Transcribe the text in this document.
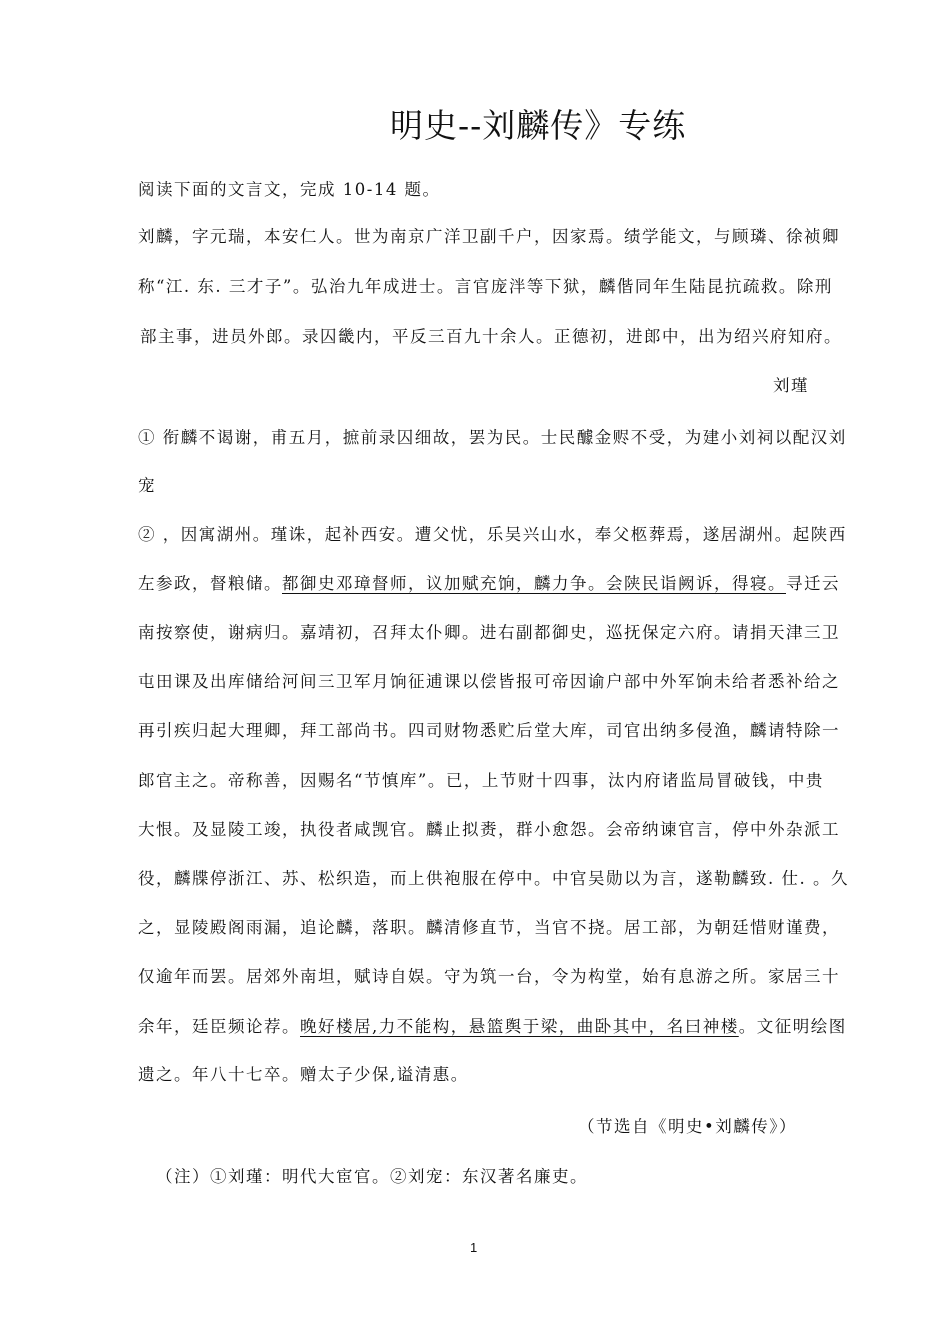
明史--刘麟传》专练
阅读下面的文言文，完成 10-14 题。
刘麟，字元瑞，本安仁人。世为南京广洋卫副千户，因家焉。绩学能文，与顾璘、徐祯卿
称“江. 东. 三才子”。弘治九年成进士。言官庞泮等下狱，麟偕同年生陆昆抗疏救。除刑
部主事，进员外郎。录囚畿内，平反三百九十余人。正德初，进郎中，出为绍兴府知府。
刘瑾
① 衔麟不谒谢，甫五月，摭前录囚细故，罢为民。士民醵金赆不受，为建小刘祠以配汉刘
宠
② ，因寓湖州。瑾诛，起补西安。遭父忧，乐吴兴山水，奉父柩葬焉，遂居湖州。起陕西
左参政，督粮储。都御史邓璋督师，议加赋充饷，麟力争。会陕民诣阙诉，得寝。寻迁云
南按察使，谢病归。嘉靖初，召拜太仆卿。进右副都御史，巡抚保定六府。请捐天津三卫
屯田课及出库储给河间三卫军月饷征逋课以偿皆报可帝因谕户部中外军饷未给者悉补给之
再引疾归起大理卿，拜工部尚书。四司财物悉贮后堂大库，司官出纳多侵渔，麟请特除一
郎官主之。帝称善，因赐名“节慎库”。已，上节财十四事，汰内府诸监局冒破钱，中贵
大恨。及显陵工竣，执役者咸觊官。麟止拟赉，群小愈怨。会帝纳谏官言，停中外杂派工
役，麟牒停浙江、苏、松织造，而上供袍服在停中。中官吴勋以为言，遂勒麟致. 仕. 。久
之，显陵殿阁雨漏，追论麟，落职。麟清修直节，当官不挠。居工部，为朝廷惜财谨费，
仅逾年而罢。居郊外南坦，赋诗自娱。守为筑一台，令为构堂，始有息游之所。家居三十
余年，廷臣频论荐。晚好楼居,力不能构，悬篮舆于梁，曲卧其中，名曰神楼。文征明绘图
遗之。年八十七卒。赠太子少保,谥清惠。
（节选自《明史•刘麟传》）
（注）①刘瑾：明代大宦官。②刘宠：东汉著名廉吏。
1
